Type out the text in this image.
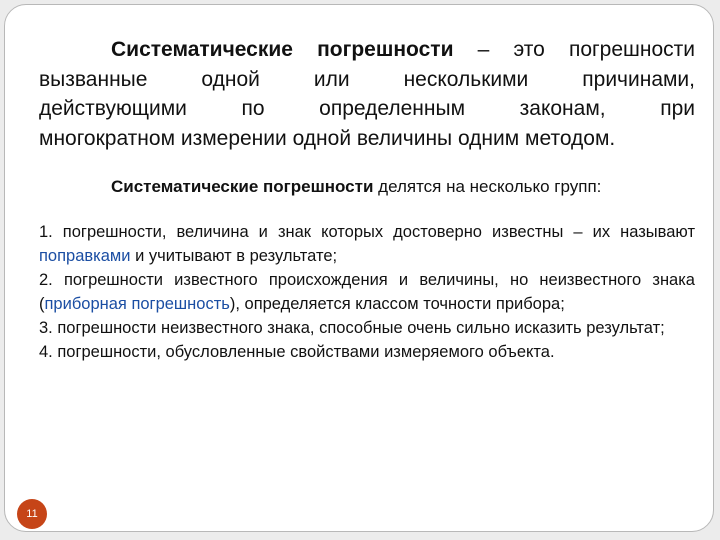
Систематические погрешности – это погрешности
вызванные одной или несколькими причинами,
действующими по определенным законам, при
многократном измерении одной величины одним методом.

Систематические погрешности делятся на несколько групп:

1. погрешности, величина и знак которых достоверно известны – их называют поправками и учитывают в результате;
2. погрешности известного происхождения и величины, но неизвестного знака (приборная погрешность), определяется классом точности прибора;
3. погрешности неизвестного знака, способные очень сильно исказить результат;
4. погрешности, обусловленные свойствами измеряемого объекта.
11
